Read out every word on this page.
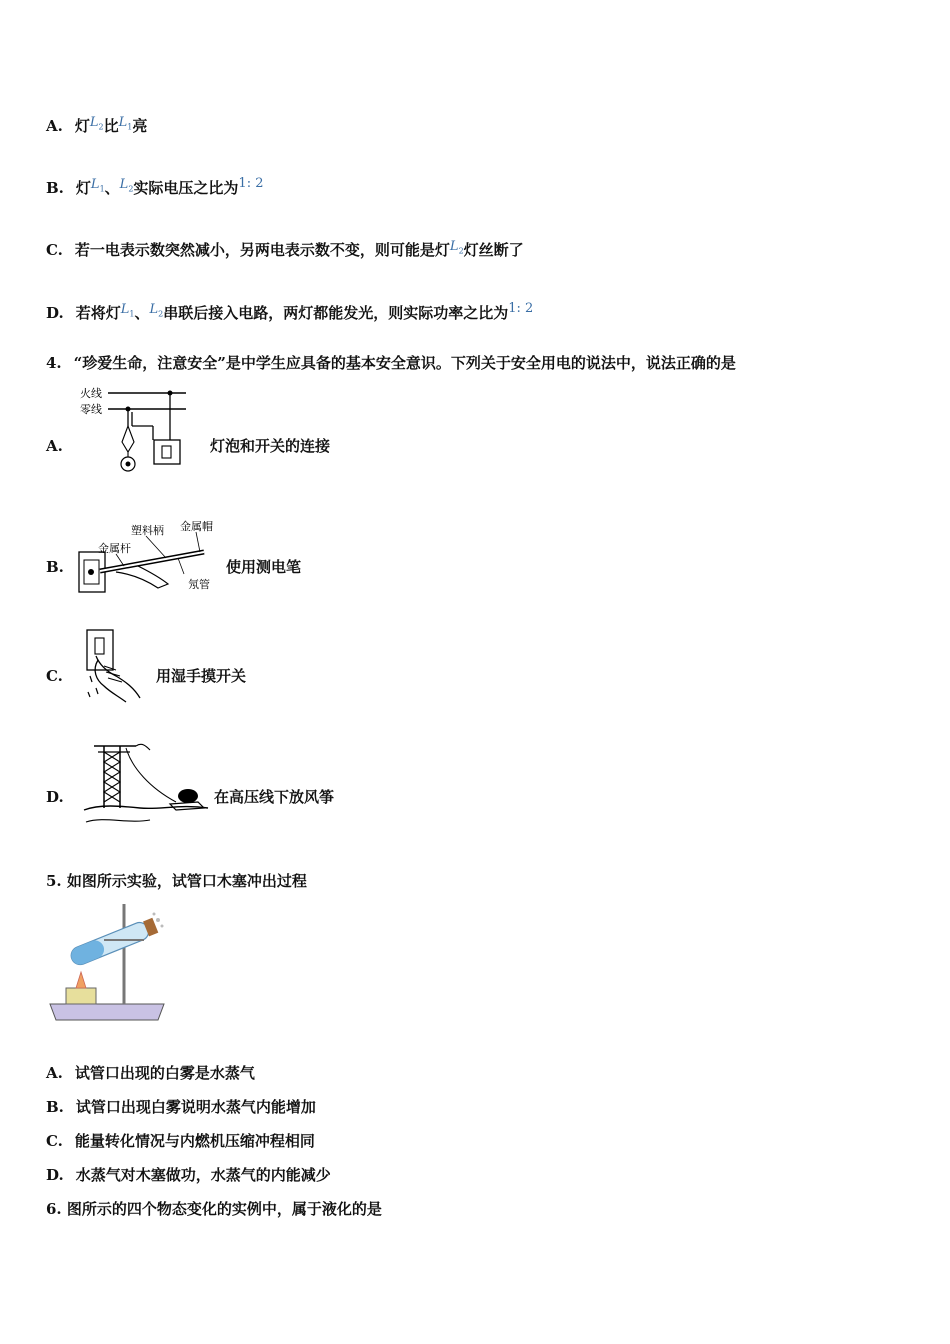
A. 灯$L_2$比$L_1$亮
B. 灯$L_1$、$L_2$实际电压之比为1: 2
C. 若一电表示数突然减小，另两电表示数不变，则可能是灯$L_2$灯丝断了
D. 若将灯$L_1$、$L_2$串联后接入电路，两灯都能发光，则实际功率之比为1: 2
4. “珍爱生命，注意安全”是中学生应具备的基本安全意识。下列关于安全用电的说法中，说法正确的是
A.
火线
零线
灯泡和开关的连接
B.
塑料柄 金属帽
金属杆
氖管
使用测电笔
C.	用湿手摸开关
D.	在高压线下放风筝
5. 如图所示实验，试管口木塞冲出过程
A. 试管口出现的白雾是水蒸气
B. 试管口出现白雾说明水蒸气内能增加
C. 能量转化情况与内燃机压缩冲程相同
D. 水蒸气对木塞做功，水蒸气的内能减少
6. 图所示的四个物态变化的实例中，属于液化的是
